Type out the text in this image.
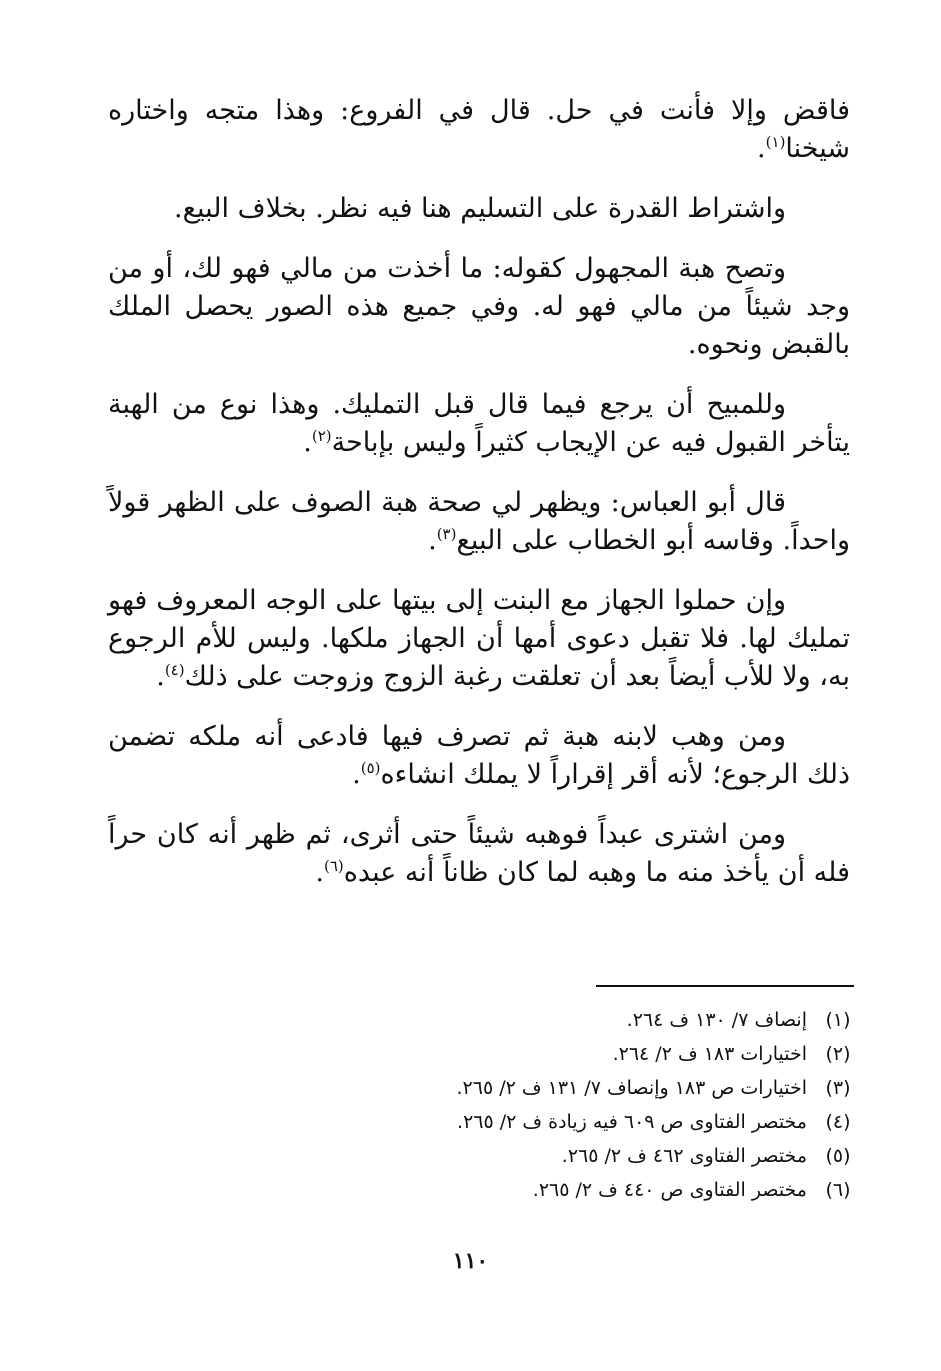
فاقض وإلا فأنت في حل. قال في الفروع: وهذا متجه واختاره شيخنا$^{(١)}$.

واشتراط القدرة على التسليم هنا فيه نظر. بخلاف البيع.

وتصح هبة المجهول كقوله: ما أخذت من مالي فهو لك، أو من وجد شيئاً من مالي فهو له. وفي جميع هذه الصور يحصل الملك بالقبض ونحوه.

وللمبيح أن يرجع فيما قال قبل التمليك. وهذا نوع من الهبة يتأخر القبول فيه عن الإيجاب كثيراً وليس بإباحة$^{(٢)}$.

قال أبو العباس: ويظهر لي صحة هبة الصوف على الظهر قولاً واحداً. وقاسه أبو الخطاب على البيع$^{(٣)}$.

وإن حملوا الجهاز مع البنت إلى بيتها على الوجه المعروف فهو تمليك لها. فلا تقبل دعوى أمها أن الجهاز ملكها. وليس للأم الرجوع به، ولا للأب أيضاً بعد أن تعلقت رغبة الزوج وزوجت على ذلك$^{(٤)}$.

ومن وهب لابنه هبة ثم تصرف فيها فادعى أنه ملكه تضمن ذلك الرجوع؛ لأنه أقر إقراراً لا يملك انشاءه$^{(٥)}$.

ومن اشترى عبداً فوهبه شيئاً حتى أثرى، ثم ظهر أنه كان حراً فله أن يأخذ منه ما وهبه لما كان ظاناً أنه عبده$^{(٦)}$.

(١)إنصاف ٧/ ١٣٠ ف ٢٦٤.
(٢)اختيارات ١٨٣ ف ٢/ ٢٦٤.
(٣)اختيارات ص ١٨٣ وإنصاف ٧/ ١٣١ ف ٢/ ٢٦٥.
(٤)مختصر الفتاوى ص ٦٠٩ فيه زيادة ف ٢/ ٢٦٥.
(٥)مختصر الفتاوى ٤٦٢ ف ٢/ ٢٦٥.
(٦)مختصر الفتاوى ص ٤٤٠ ف ٢/ ٢٦٥.
١١٠
